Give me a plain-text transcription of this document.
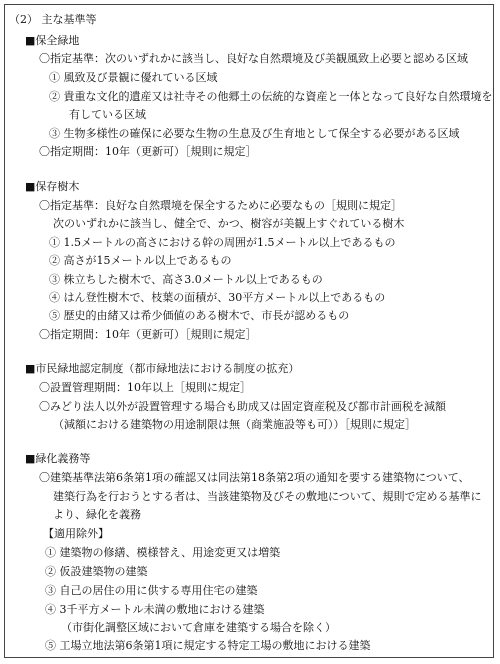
（2） 主な基準等
■保全緑地
〇指定基準：次のいずれかに該当し、良好な自然環境及び美観風致上必要と認める区域
① 風致及び景観に優れている区域
② 貴重な文化的遺産又は社寺その他郷土の伝統的な資産と一体となって良好な自然環境を
有している区域
③ 生物多様性の確保に必要な生物の生息及び生育地として保全する必要がある区域
〇指定期間：10年（更新可）［規則に規定］
■保存樹木
〇指定基準：良好な自然環境を保全するために必要なもの［規則に規定］
次のいずれかに該当し、健全で、かつ、樹容が美観上すぐれている樹木
① 1.5メートルの高さにおける幹の周囲が1.5メートル以上であるもの
② 高さが15メートル以上であるもの
③ 株立ちした樹木で、高さ3.0メートル以上であるもの
④ はん登性樹木で、枝葉の面積が、30平方メートル以上であるもの
⑤ 歴史的由緒又は希少価値のある樹木で、市長が認めるもの
〇指定期間：10年（更新可）［規則に規定］
■市民緑地認定制度（都市緑地法における制度の拡充）
〇設置管理期間：10年以上［規則に規定］
〇みどり法人以外が設置管理する場合も助成又は固定資産税及び都市計画税を減額
（減額における建築物の用途制限は無（商業施設等も可））［規則に規定］
■緑化義務等
〇建築基準法第6条第1項の確認又は同法第18条第2項の通知を要する建築物について、
建築行為を行おうとする者は、当該建築物及びその敷地について、規則で定める基準に
より、緑化を義務
【適用除外】
① 建築物の修繕、模様替え、用途変更又は増築
② 仮設建築物の建築
③ 自己の居住の用に供する専用住宅の建築
④ 3千平方メートル未満の敷地における建築
（市街化調整区域において倉庫を建築する場合を除く）
⑤ 工場立地法第6条第1項に規定する特定工場の敷地における建築
